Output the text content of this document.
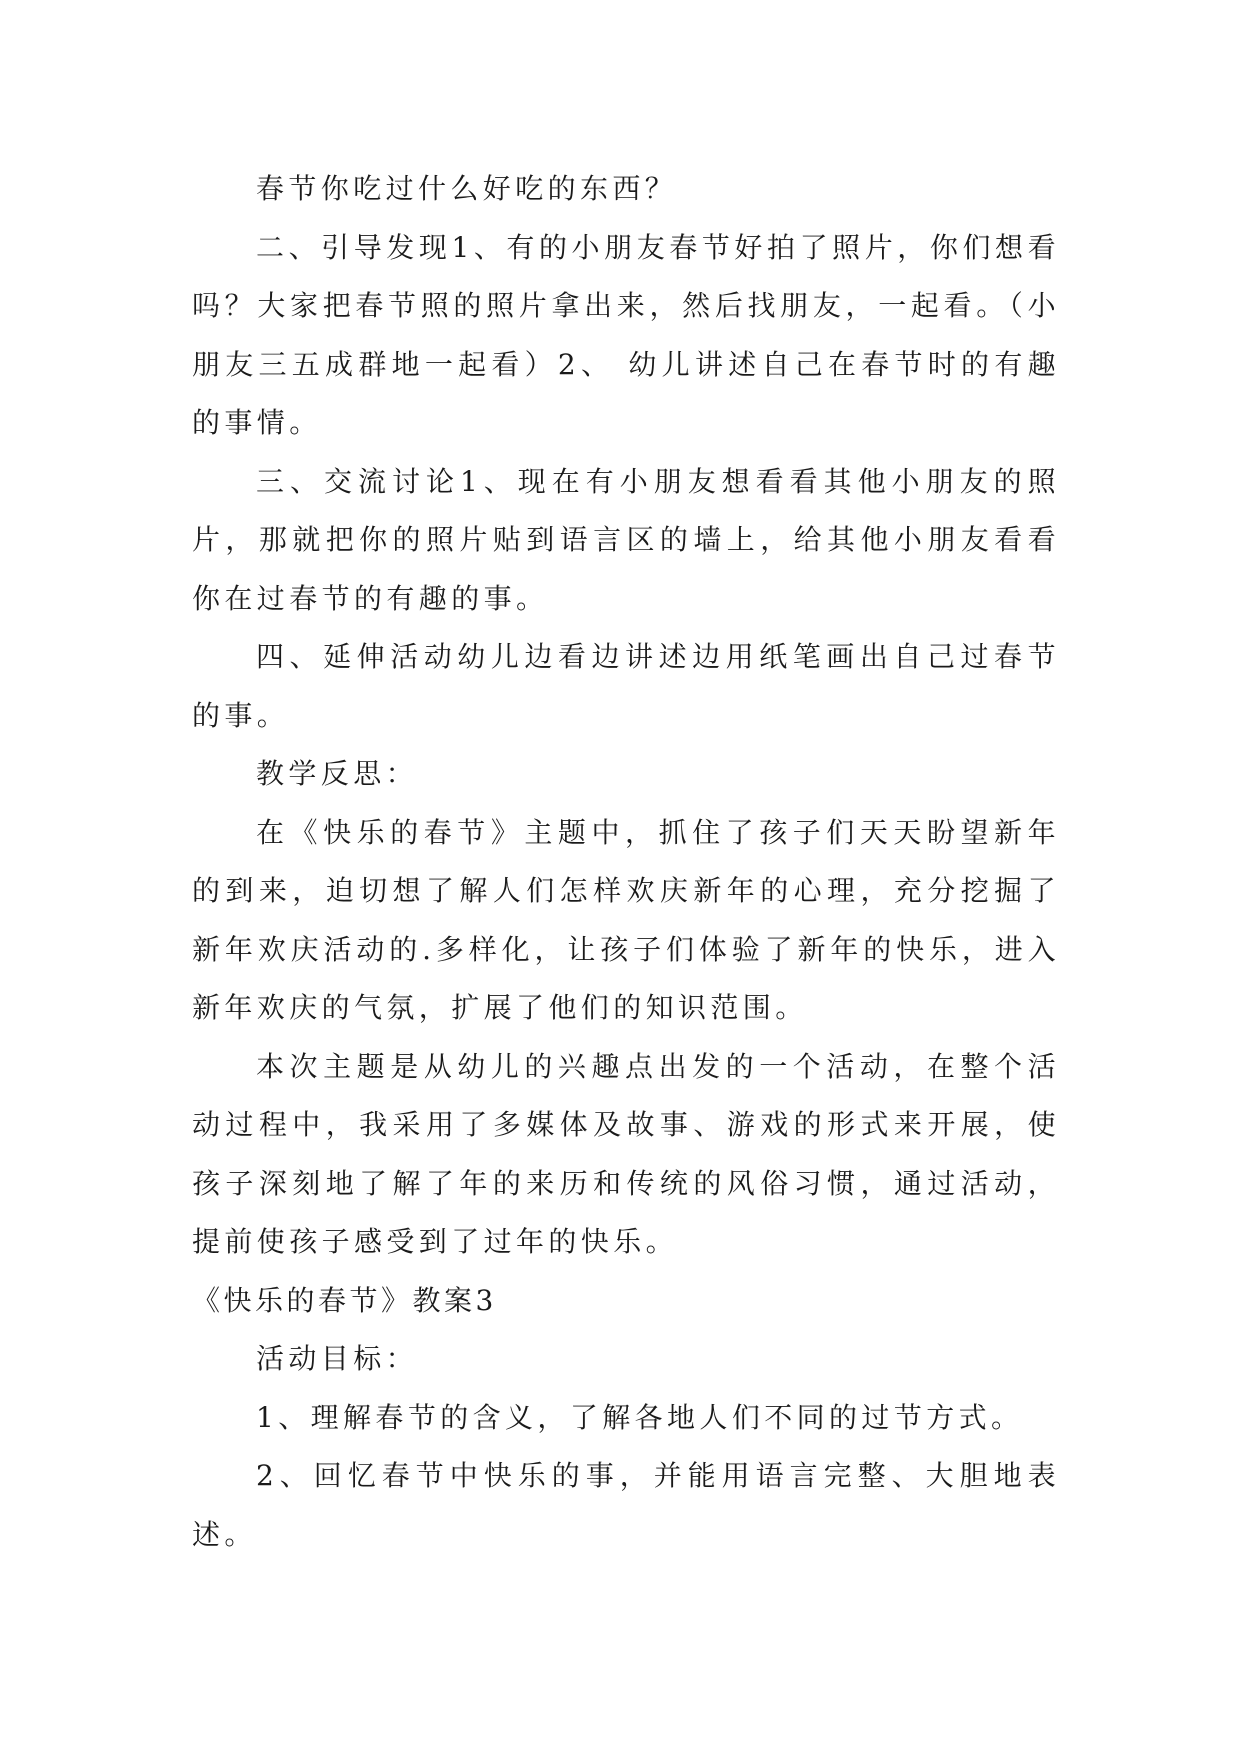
春节你吃过什么好吃的东西？

二、引导发现1、有的小朋友春节好拍了照片，你们想看吗？大家把春节照的照片拿出来，然后找朋友，一起看。（小朋友三五成群地一起看）2、 幼儿讲述自己在春节时的有趣的事情。

三、交流讨论1、现在有小朋友想看看其他小朋友的照片，那就把你的照片贴到语言区的墙上，给其他小朋友看看你在过春节的有趣的事。

四、延伸活动幼儿边看边讲述边用纸笔画出自己过春节的事。

教学反思：

在《快乐的春节》主题中，抓住了孩子们天天盼望新年的到来，迫切想了解人们怎样欢庆新年的心理，充分挖掘了新年欢庆活动的.多样化，让孩子们体验了新年的快乐，进入新年欢庆的气氛，扩展了他们的知识范围。

本次主题是从幼儿的兴趣点出发的一个活动，在整个活动过程中，我采用了多媒体及故事、游戏的形式来开展，使孩子深刻地了解了年的来历和传统的风俗习惯，通过活动，提前使孩子感受到了过年的快乐。

《快乐的春节》教案3

活动目标：

1、理解春节的含义，了解各地人们不同的过节方式。

2、回忆春节中快乐的事，并能用语言完整、大胆地表述。
